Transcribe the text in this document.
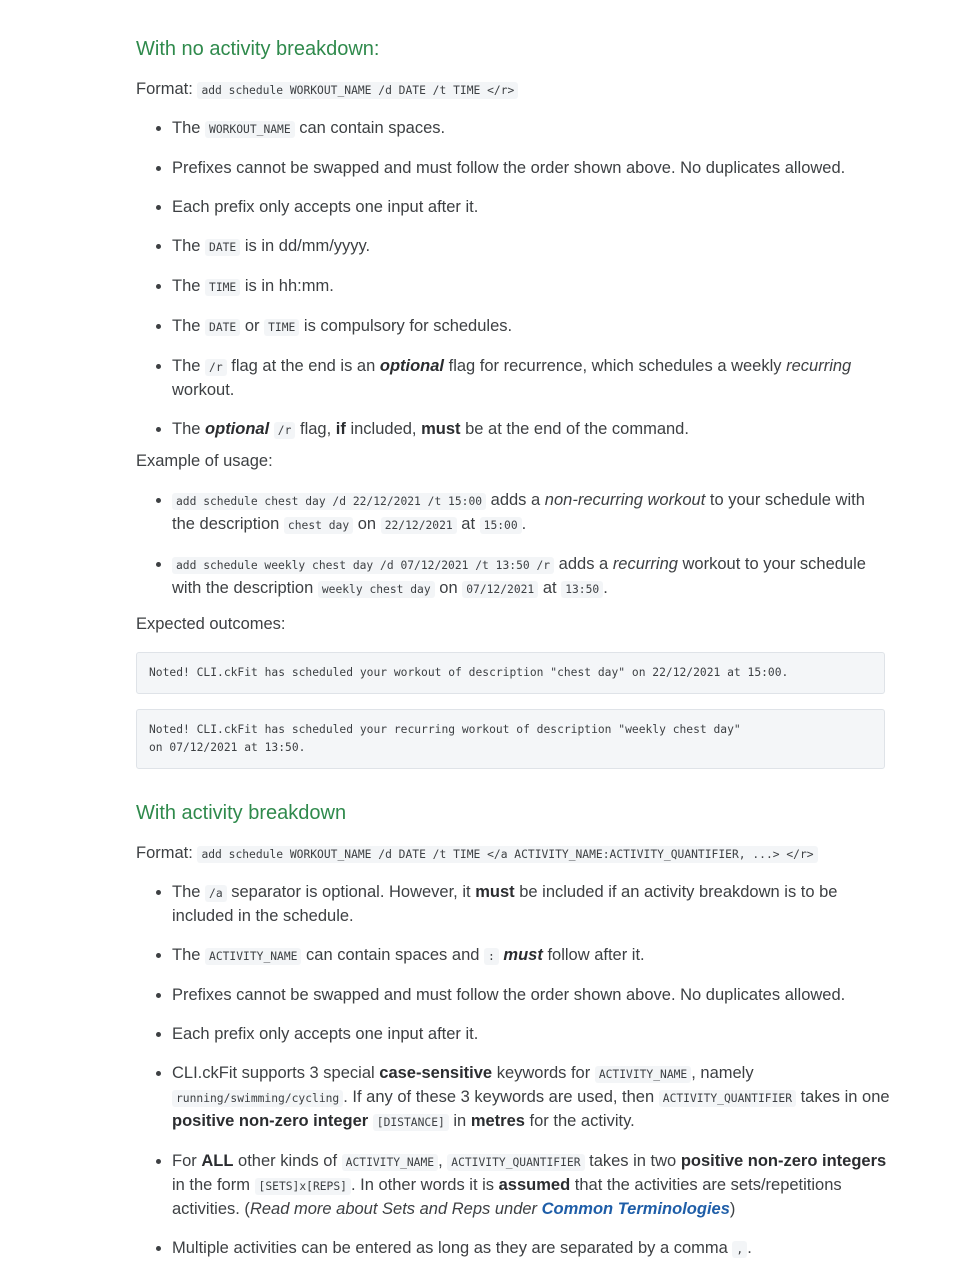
With no activity breakdown:

Format: add schedule WORKOUT_NAME /d DATE /t TIME </r>

• The WORKOUT_NAME can contain spaces.
• Prefixes cannot be swapped and must follow the order shown above. No duplicates allowed.
• Each prefix only accepts one input after it.
• The DATE is in dd/mm/yyyy.
• The TIME is in hh:mm.
• The DATE or TIME is compulsory for schedules.
• The /r flag at the end is an optional flag for recurrence, which schedules a weekly recurring workout.
• The optional /r flag, if included, must be at the end of the command.

Example of usage:

• add schedule chest day /d 22/12/2021 /t 15:00 adds a non-recurring workout to your schedule with the description chest day on 22/12/2021 at 15:00 .
• add schedule weekly chest day /d 07/12/2021 /t 13:50 /r adds a recurring workout to your schedule with the description weekly chest day on 07/12/2021 at 13:50 .

Expected outcomes:

Noted! CLI.ckFit has scheduled your workout of description "chest day" on 22/12/2021 at 15:00.
Noted! CLI.ckFit has scheduled your recurring workout of description "weekly chest day"
on 07/12/2021 at 13:50.
With activity breakdown

Format: add schedule WORKOUT_NAME /d DATE /t TIME </a ACTIVITY_NAME:ACTIVITY_QUANTIFIER, ...> </r>

• The /a separator is optional. However, it must be included if an activity breakdown is to be included in the schedule.
• The ACTIVITY_NAME can contain spaces and : must follow after it.
• Prefixes cannot be swapped and must follow the order shown above. No duplicates allowed.
• Each prefix only accepts one input after it.
• CLI.ckFit supports 3 special case-sensitive keywords for ACTIVITY_NAME , namely running/swimming/cycling . If any of these 3 keywords are used, then ACTIVITY_QUANTIFIER takes in one positive non-zero integer [DISTANCE] in metres for the activity.
• For ALL other kinds of ACTIVITY_NAME , ACTIVITY_QUANTIFIER takes in two positive non-zero integers in the form [SETS]x[REPS] . In other words it is assumed that the activities are sets/repetitions activities. (Read more about Sets and Reps under Common Terminologies)
• Multiple activities can be entered as long as they are separated by a comma , .
